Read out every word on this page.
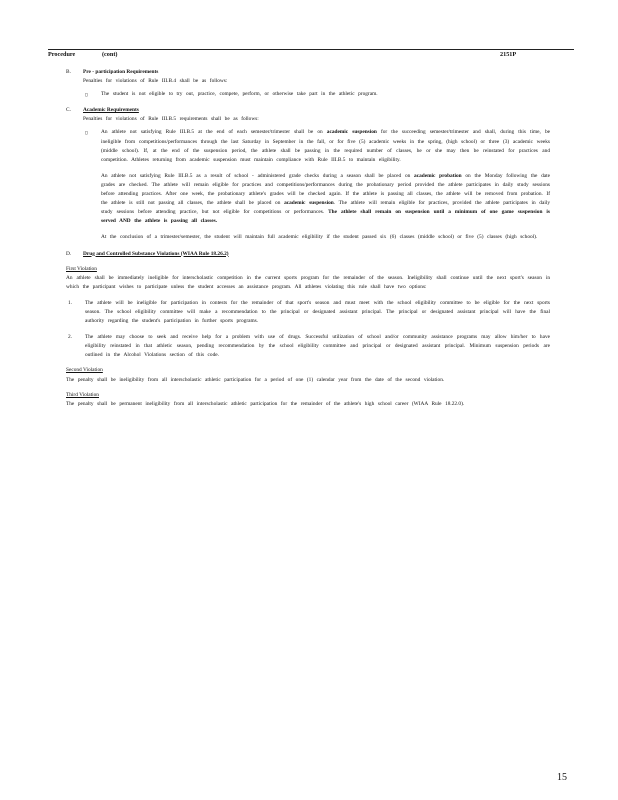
Procedure	(cont)	2151P
B. Pre - participation Requirements

Penalties for violations of Rule III.B.4 shall be as follows:

▯	The student is not eligible to try out, practice, compete, perform, or otherwise take part in the athletic program.

C. Academic Requirements

Penalties for violations of Rule III.B.5 requirements shall be as follows:

▯	An athlete not satisfying Rule III.B.5 at the end of each semester/trimester shall be on academic suspension for the succeeding semester/trimester and shall, during this time, be ineligible from competitions/performances through the last Saturday in September in the fall, or for five (5) academic weeks in the spring, (high school) or three (3) academic weeks (middle school). If, at the end of the suspension period, the athlete shall be passing in the required number of classes, he or she may then be reinstated for practices and competition. Athletes returning from academic suspension must maintain compliance with Rule III.B.5 to maintain eligibility.

An athlete not satisfying Rule III.B.5 as a result of school - administered grade checks during a season shall be placed on academic probation on the Monday following the date grades are checked. The athlete will remain eligible for practices and competitions/performances during the probationary period provided the athlete participates in daily study sessions before attending practices. After one week, the probationary athlete's grades will be checked again. If the athlete is passing all classes, the athlete will be removed from probation. If the athlete is still not passing all classes, the athlete shall be placed on academic suspension. The athlete will remain eligible for practices, provided the athlete participates in daily study sessions before attending practice, but not eligible for competitions or performances. The athlete shall remain on suspension until a minimum of one game suspension is served AND the athlete is passing all classes.

At the conclusion of a trimester/semester, the student will maintain full academic eligibility if the student passed six (6) classes (middle school) or five (5) classes (high school).

D. Drug and Controlled Substance Violations (WIAA Rule 18.26.2)
First Violation

An athlete shall be immediately ineligible for interscholastic competition in the current sports program for the remainder of the season. Ineligibility shall continue until the next sport's season in which the participant wishes to participate unless the student accesses an assistance program. All athletes violating this rule shall have two options:

1. The athlete will be ineligible for participation in contests for the remainder of that sport's season and must meet with the school eligibility committee to be eligible for the next sports season. The school eligibility committee will make a recommendation to the principal or designated assistant principal. The principal or designated assistant principal will have the final authority regarding the student's participation in further sports programs.

2. The athlete may choose to seek and receive help for a problem with use of drugs. Successful utilization of school and/or community assistance programs may allow him/her to have eligibility reinstated in that athletic season, pending recommendation by the school eligibility committee and principal or designated assistant principal. Minimum suspension periods are outlined in the Alcohol Violations section of this code.

Second Violation

The penalty shall be ineligibility from all interscholastic athletic participation for a period of one (1) calendar year from the date of the second violation.

Third Violation

The penalty shall be permanent ineligibility from all interscholastic athletic participation for the remainder of the athlete's high school career (WIAA Rule 18.22.0).

15
